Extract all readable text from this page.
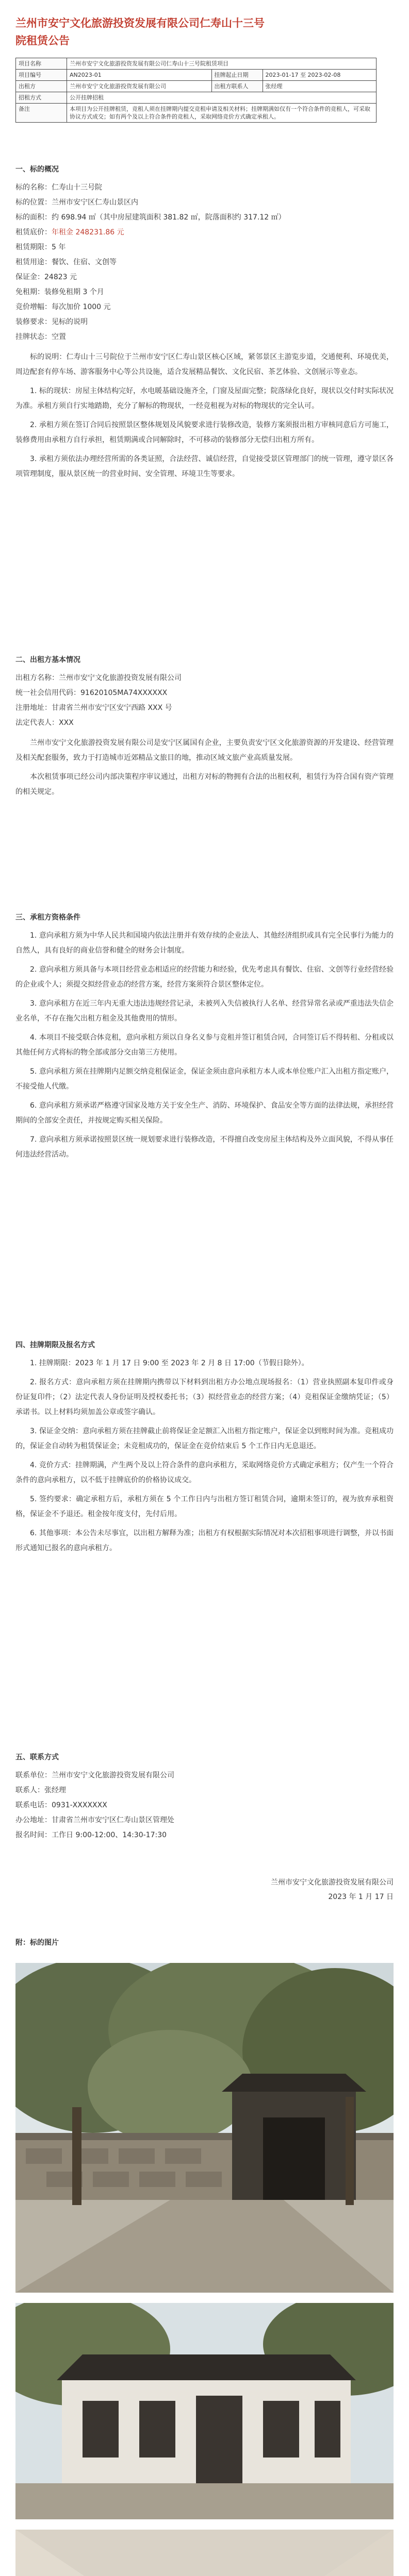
兰州市安宁文化旅游投资发展有限公司仁寿山十三号
院租赁公告
项目名称	兰州市安宁文化旅游投资发展有限公司仁寿山十三号院租赁项目		
项目编号	AN2023-01	挂牌起止日期	2023-01-17 至 2023-02-08
出租方	兰州市安宁文化旅游投资发展有限公司	出租方联系人	张经理
招租方式	公开挂牌招租		
备注	本项目为公开挂牌租赁，竞租人须在挂牌期内提交竞租申请及相关材料；挂牌期满如仅有一个符合条件的竞租人，可采取协议方式成交；如有两个及以上符合条件的竞租人，采取网络竞价方式确定承租人。		
一、标的概况

标的名称：仁寿山十三号院

标的位置：兰州市安宁区仁寿山景区内

标的面积：约 698.94 ㎡（其中房屋建筑面积 381.82 ㎡，院落面积约 317.12 ㎡）

租赁底价：年租金 248231.86 元

租赁期限：5 年

租赁用途：餐饮、住宿、文创等

保证金：24823 元

免租期：装修免租期 3 个月

竞价增幅：每次加价 1000 元

装修要求：见标的说明

挂牌状态：空置

标的说明：仁寿山十三号院位于兰州市安宁区仁寿山景区核心区域，紧邻景区主游览步道，交通便利、环境优美，周边配套有停车场、游客服务中心等公共设施，适合发展精品餐饮、文化民宿、茶艺体验、文创展示等业态。

1. 标的现状：房屋主体结构完好，水电暖基础设施齐全，门窗及屋面完整；院落绿化良好，现状以交付时实际状况为准。承租方须自行实地踏勘，充分了解标的物现状，一经竞租视为对标的物现状的完全认可。

2. 承租方须在签订合同后按照景区整体规划及风貌要求进行装修改造，装修方案须报出租方审核同意后方可施工，装修费用由承租方自行承担，租赁期满或合同解除时，不可移动的装修部分无偿归出租方所有。

3. 承租方须依法办理经营所需的各类证照，合法经营、诚信经营，自觉接受景区管理部门的统一管理，遵守景区各项管理制度，服从景区统一的营业时间、安全管理、环境卫生等要求。

二、出租方基本情况

出租方名称：兰州市安宁文化旅游投资发展有限公司

统一社会信用代码：91620105MA74XXXXXX

注册地址：甘肃省兰州市安宁区安宁西路 XXX 号

法定代表人：XXX

兰州市安宁文化旅游投资发展有限公司是安宁区属国有企业，主要负责安宁区文化旅游资源的开发建设、经营管理及相关配套服务，致力于打造城市近郊精品文旅目的地，推动区域文旅产业高质量发展。

本次租赁事项已经公司内部决策程序审议通过，出租方对标的物拥有合法的出租权利，租赁行为符合国有资产管理的相关规定。

三、承租方资格条件

1. 意向承租方须为中华人民共和国境内依法注册并有效存续的企业法人、其他经济组织或具有完全民事行为能力的自然人，具有良好的商业信誉和健全的财务会计制度。

2. 意向承租方须具备与本项目经营业态相适应的经营能力和经验，优先考虑具有餐饮、住宿、文创等行业经营经验的企业或个人；须提交拟经营业态的经营方案，经营方案须符合景区整体定位。

3. 意向承租方在近三年内无重大违法违规经营记录，未被列入失信被执行人名单、经营异常名录或严重违法失信企业名单，不存在拖欠出租方租金及其他费用的情形。

4. 本项目不接受联合体竞租，意向承租方须以自身名义参与竞租并签订租赁合同，合同签订后不得转租、分租或以其他任何方式将标的物全部或部分交由第三方使用。

5. 意向承租方须在挂牌期内足额交纳竞租保证金，保证金须由意向承租方本人或本单位账户汇入出租方指定账户，不接受他人代缴。

6. 意向承租方须承诺严格遵守国家及地方关于安全生产、消防、环境保护、食品安全等方面的法律法规，承担经营期间的全部安全责任，并按规定购买相关保险。

7. 意向承租方须承诺按照景区统一规划要求进行装修改造，不得擅自改变房屋主体结构及外立面风貌，不得从事任何违法经营活动。

四、挂牌期限及报名方式

1. 挂牌期限：2023 年 1 月 17 日 9:00 至 2023 年 2 月 8 日 17:00（节假日除外）。

2. 报名方式：意向承租方须在挂牌期内携带以下材料到出租方办公地点现场报名：（1）营业执照副本复印件或身份证复印件；（2）法定代表人身份证明及授权委托书；（3）拟经营业态的经营方案；（4）竞租保证金缴纳凭证；（5）承诺书。以上材料均须加盖公章或签字确认。

3. 保证金交纳：意向承租方须在挂牌截止前将保证金足额汇入出租方指定账户，保证金以到账时间为准。竞租成功的，保证金自动转为租赁保证金；未竞租成功的，保证金在竞价结束后 5 个工作日内无息退还。

4. 竞价方式：挂牌期满，产生两个及以上符合条件的意向承租方，采取网络竞价方式确定承租方；仅产生一个符合条件的意向承租方，以不低于挂牌底价的价格协议成交。

5. 签约要求：确定承租方后，承租方须在 5 个工作日内与出租方签订租赁合同，逾期未签订的，视为放弃承租资格，保证金不予退还。租金按年度支付，先付后用。

6. 其他事项：本公告未尽事宜，以出租方解释为准；出租方有权根据实际情况对本次招租事项进行调整，并以书面形式通知已报名的意向承租方。

五、联系方式

联系单位：兰州市安宁文化旅游投资发展有限公司

联系人：张经理

联系电话：0931-XXXXXXX

办公地址：甘肃省兰州市安宁区仁寿山景区管理处

报名时间：工作日 9:00-12:00、14:30-17:30

兰州市安宁文化旅游投资发展有限公司
2023 年 1 月 17 日
附：标的图片
